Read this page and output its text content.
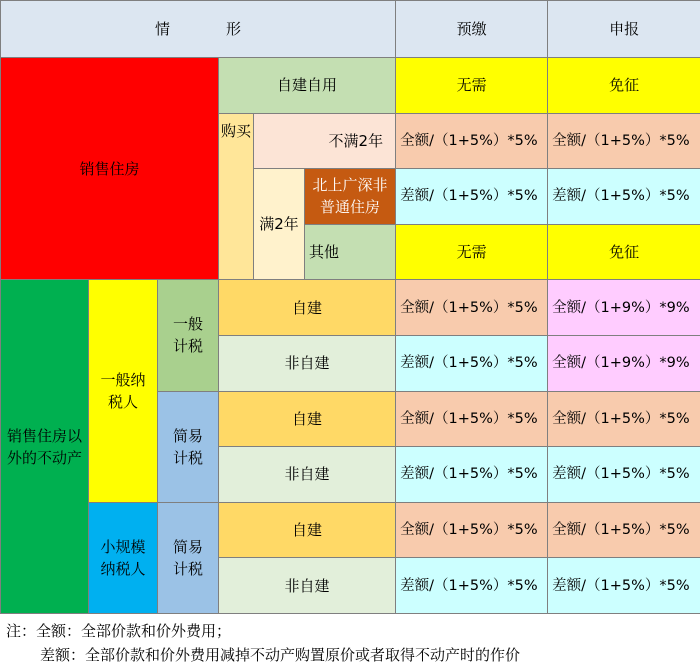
情形						预缴	申报
销售住房			自建自用			无需	免征
			购买	不满2年		全额/（1+5%）*5%	全额/（1+5%）*5%
				满2年	北上广深非普通住房	差额/（1+5%）*5%	差额/（1+5%）*5%
					其他	无需	免征
销售住房以外的不动产	一般纳税人	一般计税	自建			全额/（1+5%）*5%	全额/（1+9%）*9%
			非自建			差额/（1+5%）*5%	全额/（1+9%）*9%
		简易计税	自建			全额/（1+5%）*5%	全额/（1+5%）*5%
			非自建			差额/（1+5%）*5%	差额/（1+5%）*5%
	小规模纳税人	简易计税	自建			全额/（1+5%）*5%	全额/（1+5%）*5%
			非自建			差额/（1+5%）*5%	差额/（1+5%）*5%
注：全额：全部价款和价外费用；
差额：全部价款和价外费用减掉不动产购置原价或者取得不动产时的作价
